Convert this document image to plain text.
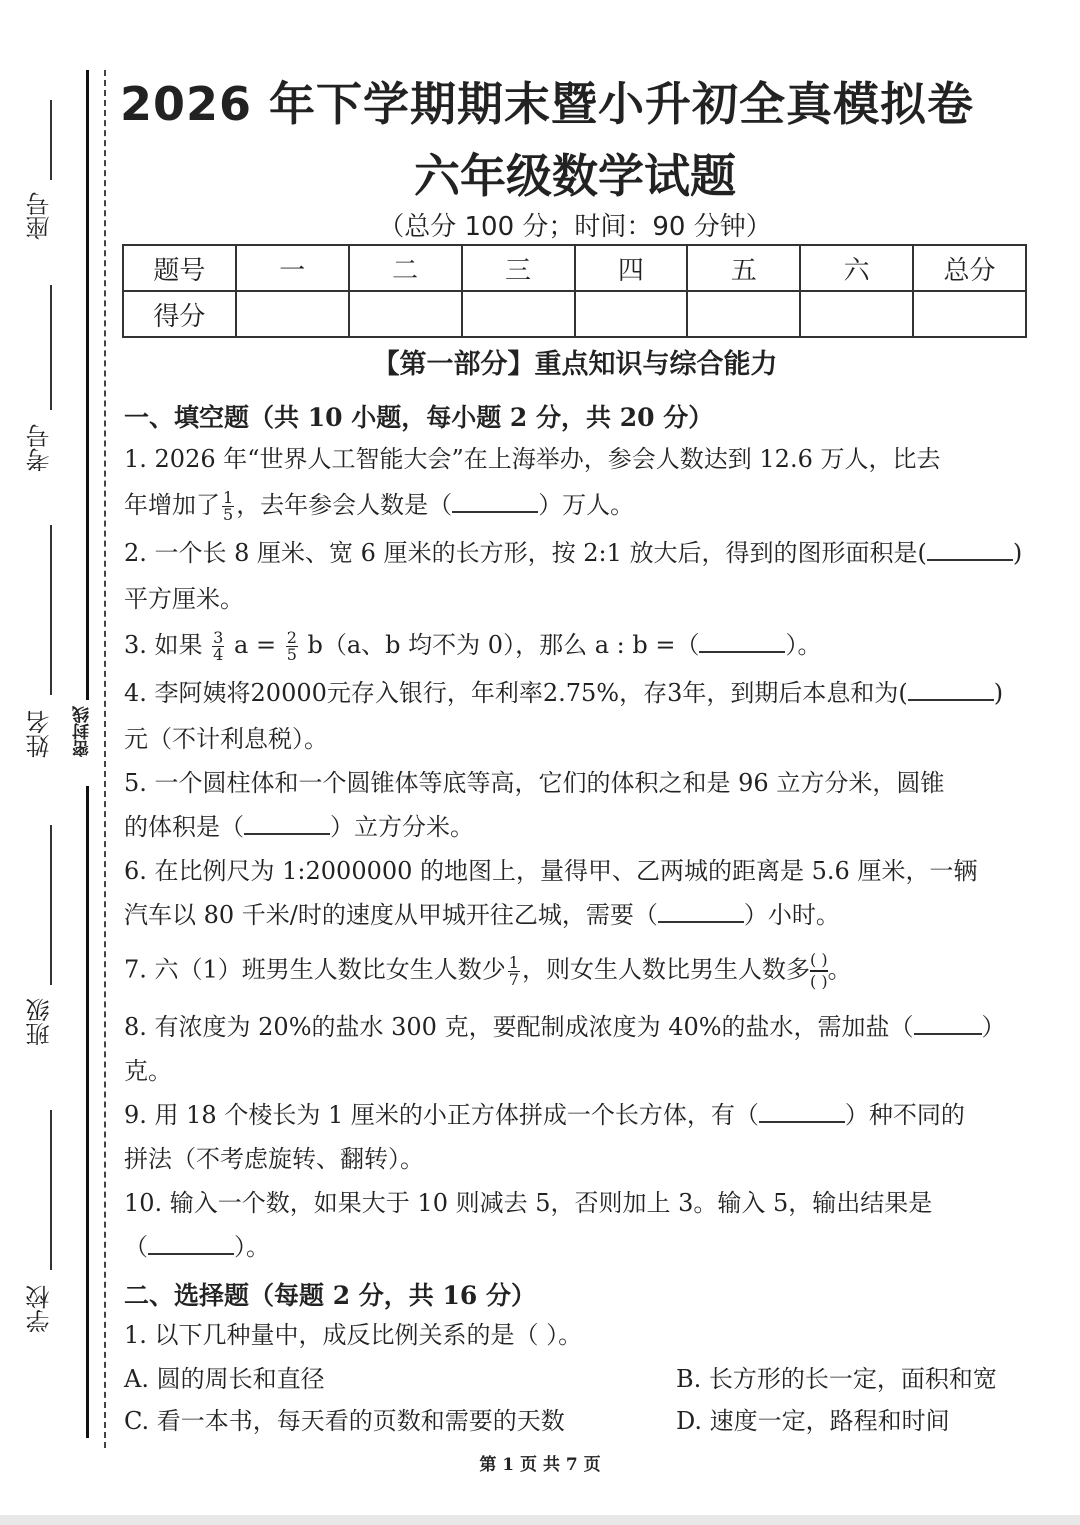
座号
考号
姓名
班级
学校
密封线
2026 年下学期期末暨小升初全真模拟卷
六年级数学试题
（总分 100 分；时间：90 分钟）
题号	一	二	三	四	五	六	总分
得分							
【第一部分】重点知识与综合能力
一、填空题（共 10 小题，每小题 2 分，共 20 分）
1. 2026 年“世界人工智能大会”在上海举办，参会人数达到 12.6 万人，比去
年增加了 $\frac{1}{5}$ ，去年参会人数是（	）万人。
2. 一个长 8 厘米、宽 6 厘米的长方形，按 2:1 放大后，得到的图形面积是(	)
平方厘米。
3. 如果 $\frac{3}{4}$ $a = \frac{2}{5} b(a$、b 均不为 0），那么 a : b =（	）。
4. 李阿姨将20000元存入银行，年利率2.75%，存3年，到期后本息和为(	)
元（不计利息税）。
5. 一个圆柱体和一个圆锥体等底等高，它们的体积之和是 96 立方分米，圆锥
的体积是（	）立方分米。
6. 在比例尺为 1:2000000 的地图上，量得甲、乙两城的距离是 5.6 厘米，一辆
汽车以 80 千米/时的速度从甲城开往乙城，需要（	）小时。
7. 六（1）班男生人数比女生人数少 $\frac{1}{7}$ ，则女生人数比男生人数多 ( )
( )。
8. 有浓度为 20%的盐水 300 克，要配制成浓度为 40%的盐水，需加盐（	）
克。
9. 用 18 个棱长为 1 厘米的小正方体拼成一个长方体，有（	）种不同的
拼法（不考虑旋转、翻转）。
10. 输入一个数，如果大于 10 则减去 5，否则加上 3。输入 5，输出结果是
（	）。
二、选择题（每题 2 分，共 16 分）
1. 以下几种量中，成反比例关系的是（ ）。
A. 圆的周长和直径	B. 长方形的长一定，面积和宽
C. 看一本书，每天看的页数和需要的天数	D. 速度一定，路程和时间
第 1 页 共 7 页
